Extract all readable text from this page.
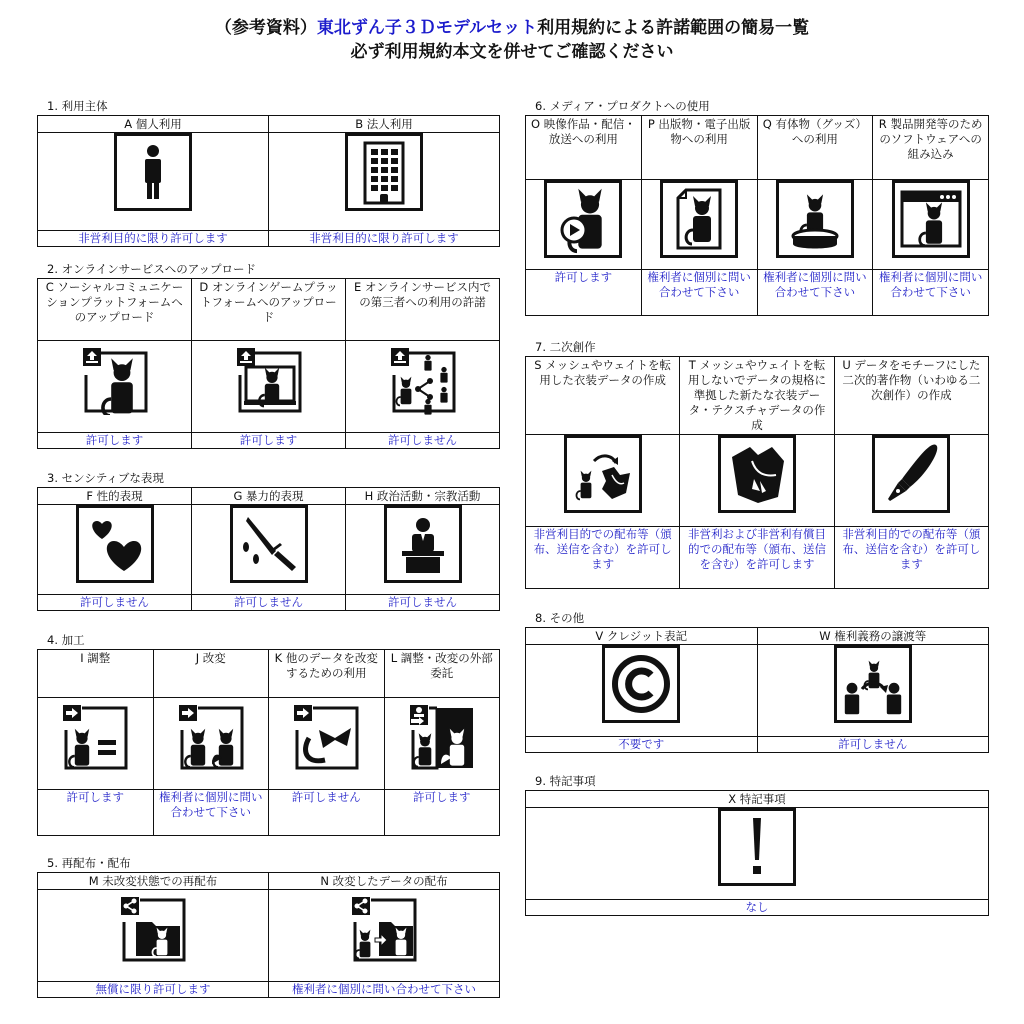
（参考資料）東北ずん子３Ｄモデルセット利用規約による許諾範囲の簡易一覧
必ず利用規約本文を併せてご確認ください
1. 利用主体
A 個人利用	B 法人利用

非営利目的に限り許可します	非営利目的に限り許可します
2. オンラインサービスへのアップロード
C ソーシャルコミュニケーションプラットフォームへのアップロード	D オンラインゲームプラットフォームへのアップロード	E オンラインサービス内での第三者への利用の許諾

許可します	許可します	許可しません
3. センシティブな表現
F 性的表現	G 暴力的表現	H 政治活動・宗教活動

許可しません	許可しません	許可しません
4. 加工
I 調整	J 改変	K 他のデータを改変するための利用	L 調整・改変の外部委託

許可します	権利者に個別に問い合わせて下さい	許可しません	許可します
5. 再配布・配布
M 未改変状態での再配布	N 改変したデータの配布

無償に限り許可します	権利者に個別に問い合わせて下さい
6. メディア・プロダクトへの使用
O 映像作品・配信・放送への利用	P 出版物・電子出版物への利用	Q 有体物（グッズ）への利用	R 製品開発等のためのソフトウェアへの組み込み

許可します	権利者に個別に問い合わせて下さい	権利者に個別に問い合わせて下さい	権利者に個別に問い合わせて下さい
7. 二次創作
S メッシュやウェイトを転用した衣装データの作成	T メッシュやウェイトを転用しないでデータの規格に準拠した新たな衣装データ・テクスチャデータの作成	U データをモチーフにした二次的著作物（いわゆる二次創作）の作成

非営利目的での配布等（頒布、送信を含む）を許可します	非営利および非営利有償目的での配布等（頒布、送信を含む）を許可します	非営利目的での配布等（頒布、送信を含む）を許可します
8. その他
V クレジット表記	W 権利義務の譲渡等

不要です	許可しません
9. 特記事項
X 特記事項

なし
